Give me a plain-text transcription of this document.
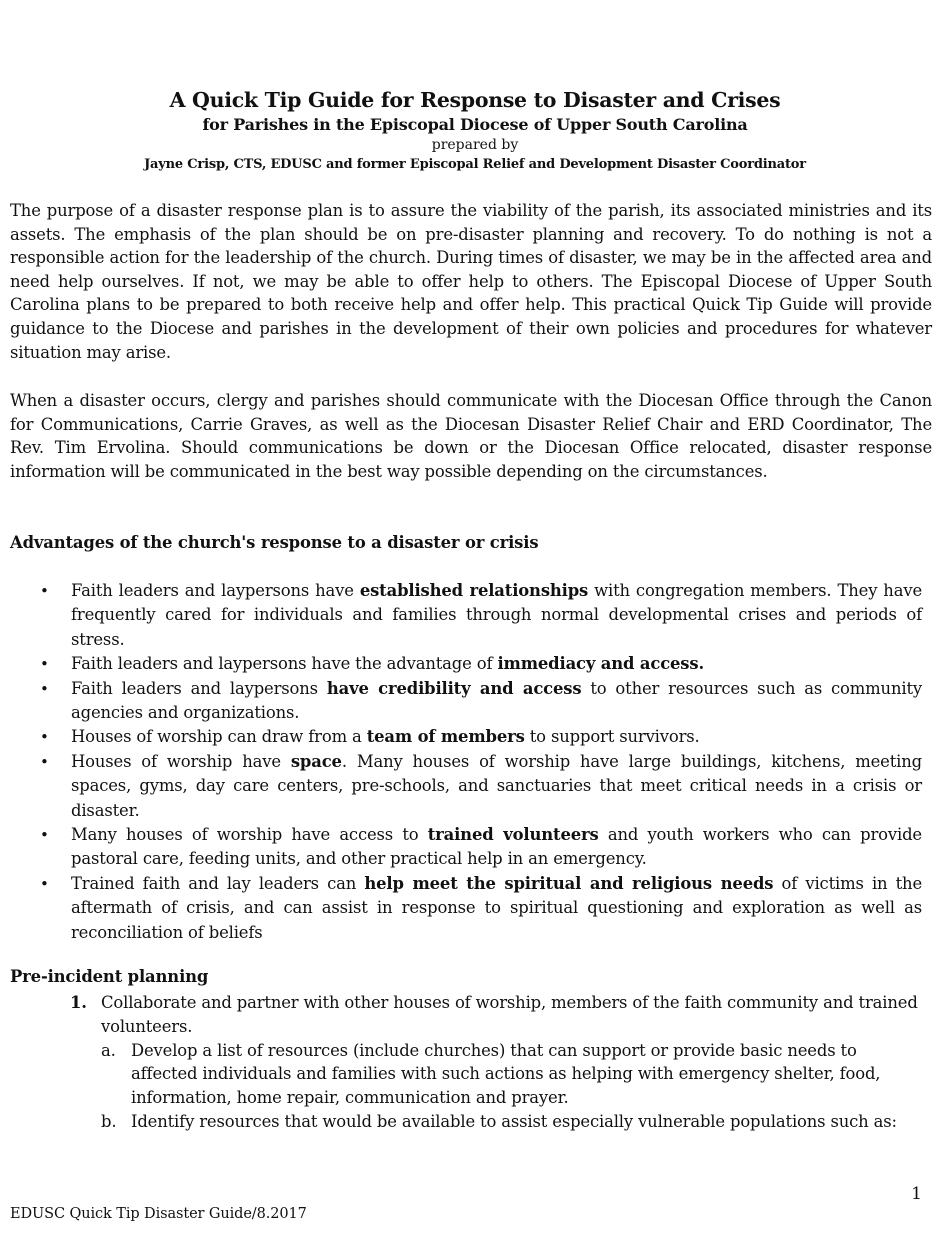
A Quick Tip Guide for Response to Disaster and Crises
for Parishes in the Episcopal Diocese of Upper South Carolina
prepared by
Jayne Crisp, CTS, EDUSC and former Episcopal Relief and Development Disaster Coordinator

The purpose of a disaster response plan is to assure the viability of the parish, its associated ministries and its assets. The emphasis of the plan should be on pre-disaster planning and recovery. To do nothing is not a responsible action for the leadership of the church. During times of disaster, we may be in the affected area and need help ourselves. If not, we may be able to offer help to others. The Episcopal Diocese of Upper South Carolina plans to be prepared to both receive help and offer help. This practical Quick Tip Guide will provide guidance to the Diocese and parishes in the development of their own policies and procedures for whatever situation may arise.

When a disaster occurs, clergy and parishes should communicate with the Diocesan Office through the Canon for Communications, Carrie Graves, as well as the Diocesan Disaster Relief Chair and ERD Coordinator, The Rev. Tim Ervolina. Should communications be down or the Diocesan Office relocated, disaster response information will be communicated in the best way possible depending on the circumstances.

Advantages of the church's response to a disaster or crisis
• Faith leaders and laypersons have established relationships with congregation members. They have frequently cared for individuals and families through normal developmental crises and periods of stress.
• Faith leaders and laypersons have the advantage of immediacy and access.
• Faith leaders and laypersons have credibility and access to other resources such as community agencies and organizations.
• Houses of worship can draw from a team of members to support survivors.
• Houses of worship have space. Many houses of worship have large buildings, kitchens, meeting spaces, gyms, day care centers, pre-schools, and sanctuaries that meet critical needs in a crisis or disaster.
• Many houses of worship have access to trained volunteers and youth workers who can provide pastoral care, feeding units, and other practical help in an emergency.
• Trained faith and lay leaders can help meet the spiritual and religious needs of victims in the aftermath of crisis, and can assist in response to spiritual questioning and exploration as well as reconciliation of beliefs
Pre-incident planning
1. Collaborate and partner with other houses of worship, members of the faith community and trained volunteers.
a. Develop a list of resources (include churches) that can support or provide basic needs to affected individuals and families with such actions as helping with emergency shelter, food, information, home repair, communication and prayer.
b. Identify resources that would be available to assist especially vulnerable populations such as:
1
EDUSC Quick Tip Disaster Guide/8.2017
